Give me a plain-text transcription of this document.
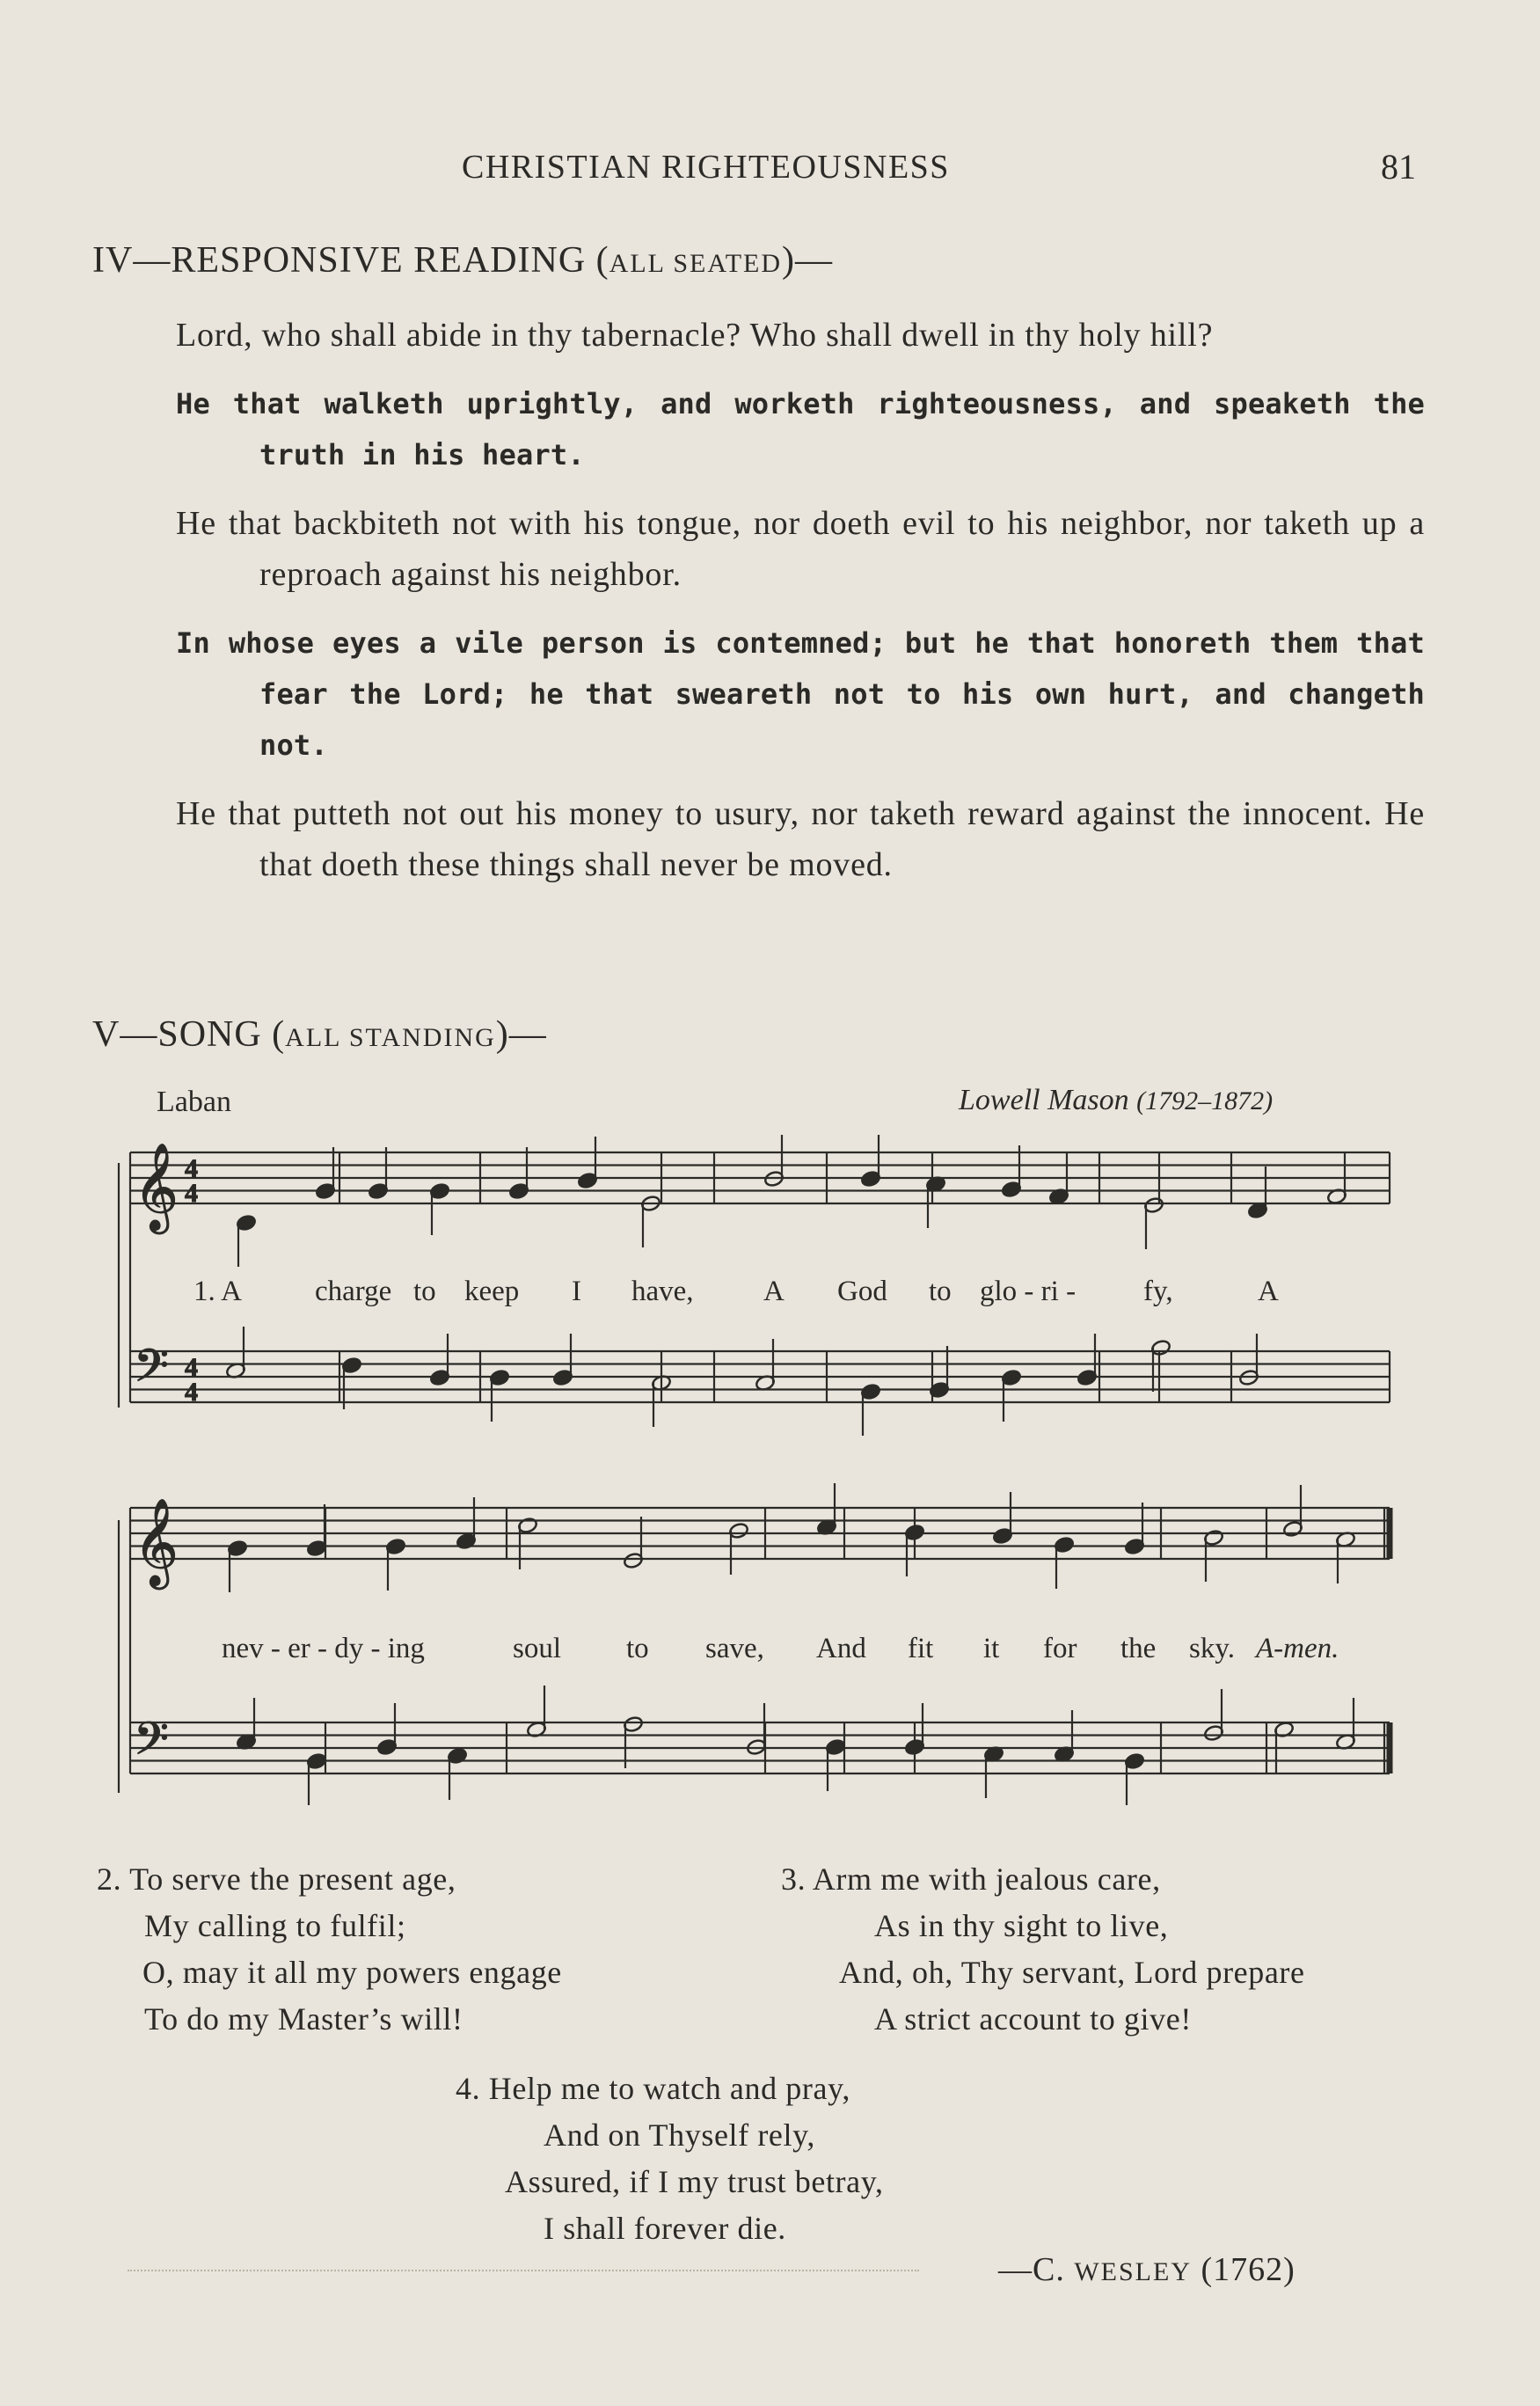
CHRISTIAN RIGHTEOUSNESS	81
IV—RESPONSIVE READING (ALL SEATED)—

Lord, who shall abide in thy tabernacle? Who shall dwell in thy holy hill?

He that walketh uprightly, and worketh righteousness, and speaketh the truth in his heart.

He that backbiteth not with his tongue, nor doeth evil to his neighbor, nor taketh up a reproach against his neighbor.

In whose eyes a vile person is contemned; but he that honoreth them that fear the Lord; he that sweareth not to his own hurt, and changeth not.

He that putteth not out his money to usury, nor taketh reward against the innocent. He that doeth these things shall never be moved.

V—SONG (ALL STANDING)—
Laban	Lowell Mason (1792–1872)
𝄞
𝄢
𝄞
𝄢
4
4
4
4
1. A	charge to keep I have, A God to glo - ri - fy,	A
nev - er - dy - ing	soul to save, And fit it for the sky. A-men.
2. To serve the present age,
My calling to fulfil;
O, may it all my powers engage
To do my Master’s will!
3. Arm me with jealous care,
As in thy sight to live,
And, oh, Thy servant, Lord prepare
A strict account to give!
4. Help me to watch and pray,
And on Thyself rely,
Assured, if I my trust betray,
I shall forever die.
—C. WESLEY (1762)
